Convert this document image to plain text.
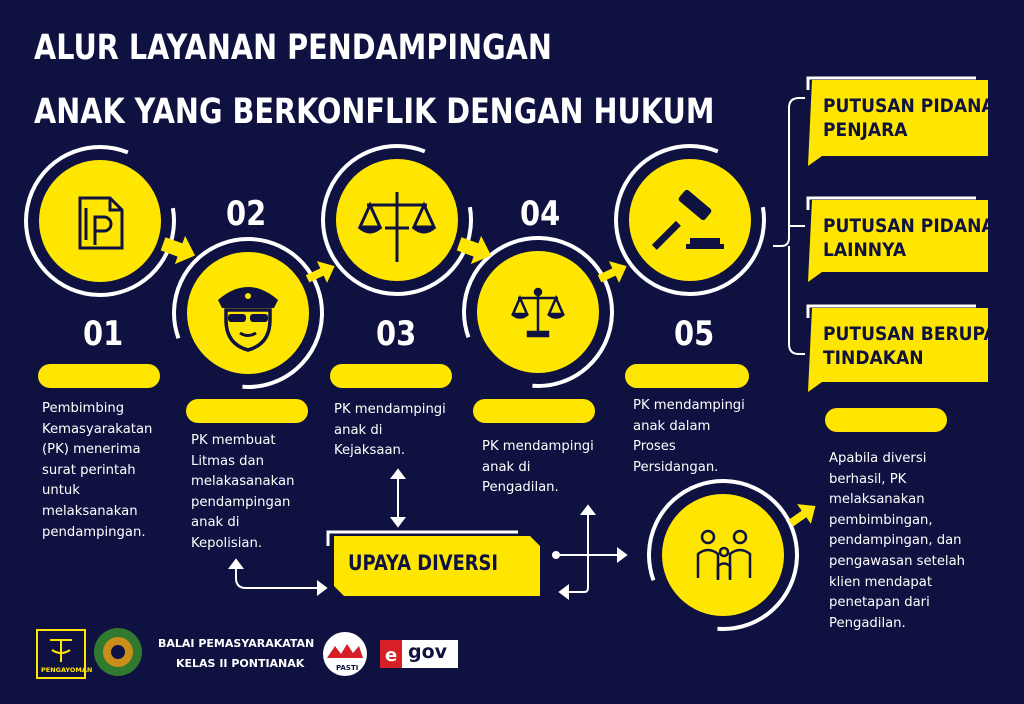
e
ALUR LAYANAN PENDAMPINGAN
ANAK YANG BERKONFLIK DENGAN HUKUM
01
02
03
04
05
Pembimbing
Kemasyarakatan
(PK) menerima
surat perintah
untuk
melaksanakan
pendampingan.
PK membuat
Litmas dan
melakasanakan
pendampingan
anak di
Kepolisian.
PK mendampingi
anak di
Kejaksaan.	PK mendampingi
anak di
Pengadilan.
PK mendampingi
anak dalam
Proses
Persidangan.
Apabila diversi
berhasil, PK
melaksanakan
pembimbingan,
pendampingan, dan
pengawasan setelah
klien mendapat
penetapan dari
Pengadilan.
PUTUSAN PIDANA
PENJARA
PUTUSAN PIDANA
LAINNYA
PUTUSAN BERUPA
TINDAKAN
UPAYA DIVERSI
PENGAYOMAN
BALAI PEMASYARAKATAN
KELAS II PONTIANAK	PASTI
gov
